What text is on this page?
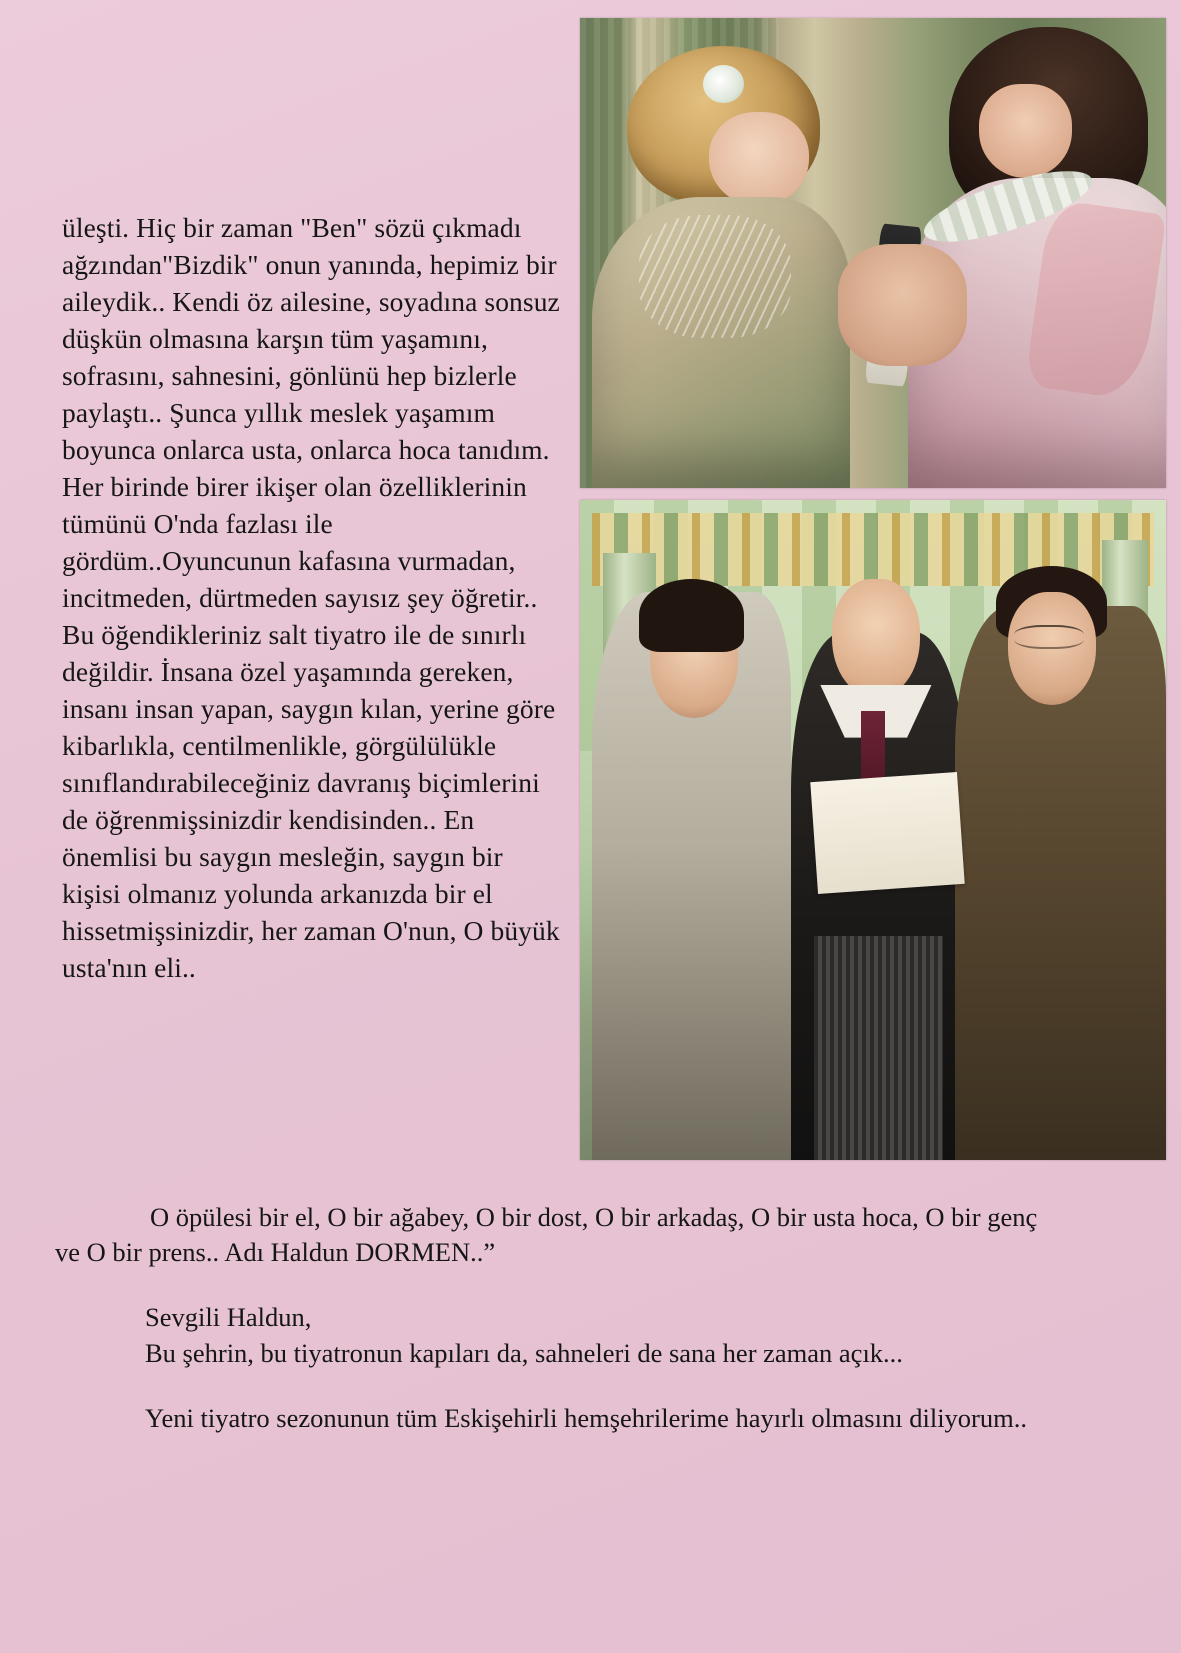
üleşti. Hiç bir zaman "Ben" sözü çıkmadı ağzından"Bizdik" onun yanında, hepimiz bir aileydik.. Kendi öz ailesine, soyadına sonsuz düşkün olmasına karşın tüm yaşamını, sofrasını, sahnesini, gönlünü hep bizlerle paylaştı.. Şunca yıllık meslek yaşamım boyunca onlarca usta, onlarca hoca tanıdım. Her birinde birer ikişer olan özelliklerinin tümünü O'nda fazlası ile gördüm..Oyuncunun kafasına vurmadan, incitmeden, dürtmeden sayısız şey öğretir.. Bu öğendikleriniz salt tiyatro ile de sınırlı değildir. İnsana özel yaşamında gereken, insanı insan yapan, saygın kılan, yerine göre kibarlıkla, centilmenlikle, görgülülükle sınıflandırabileceğiniz davranış biçimlerini de öğrenmişsinizdir kendisinden.. En önemlisi bu saygın mesleğin, saygın bir kişisi olmanız yolunda arkanızda bir el hissetmişsinizdir, her zaman O'nun, O büyük usta'nın eli..

O öpülesi bir el, O bir ağabey, O bir dost, O bir arkadaş, O bir usta hoca, O bir genç ve O bir prens.. Adı Haldun DORMEN..”

Sevgili Haldun,
Bu şehrin, bu tiyatronun kapıları da, sahneleri de sana her zaman açık...

Yeni tiyatro sezonunun tüm Eskişehirli hemşehrilerime hayırlı olmasını diliyorum..
